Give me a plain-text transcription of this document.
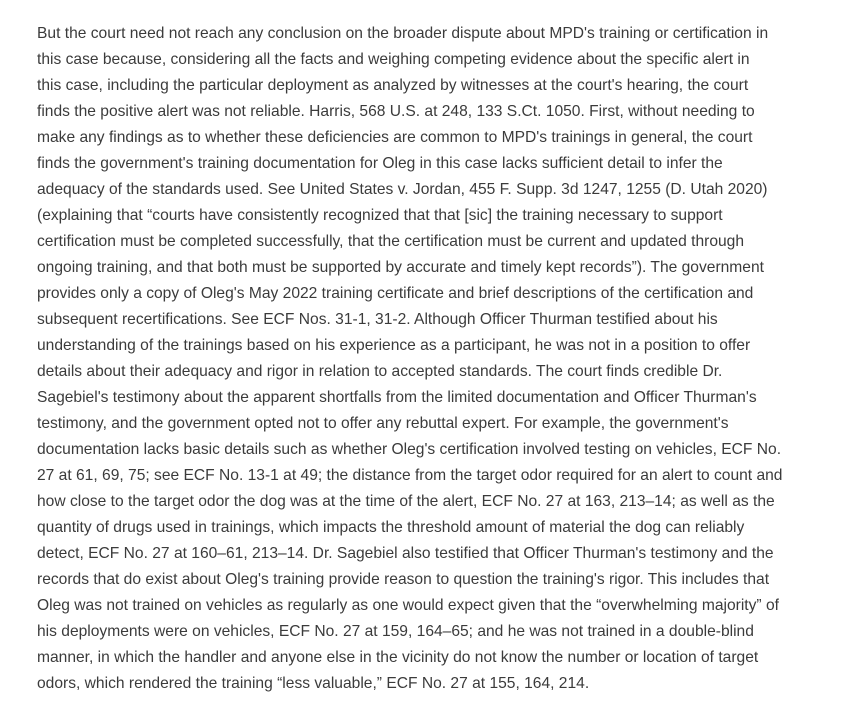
But the court need not reach any conclusion on the broader dispute about MPD's training or certification in
this case because, considering all the facts and weighing competing evidence about the specific alert in
this case, including the particular deployment as analyzed by witnesses at the court's hearing, the court
finds the positive alert was not reliable. Harris, 568 U.S. at 248, 133 S.Ct. 1050. First, without needing to
make any findings as to whether these deficiencies are common to MPD's trainings in general, the court
finds the government's training documentation for Oleg in this case lacks sufficient detail to infer the
adequacy of the standards used. See United States v. Jordan, 455 F. Supp. 3d 1247, 1255 (D. Utah 2020)
(explaining that “courts have consistently recognized that that [sic] the training necessary to support
certification must be completed successfully, that the certification must be current and updated through
ongoing training, and that both must be supported by accurate and timely kept records”). The government
provides only a copy of Oleg's May 2022 training certificate and brief descriptions of the certification and
subsequent recertifications. See ECF Nos. 31-1, 31-2. Although Officer Thurman testified about his
understanding of the trainings based on his experience as a participant, he was not in a position to offer
details about their adequacy and rigor in relation to accepted standards. The court finds credible Dr.
Sagebiel's testimony about the apparent shortfalls from the limited documentation and Officer Thurman's
testimony, and the government opted not to offer any rebuttal expert. For example, the government's
documentation lacks basic details such as whether Oleg's certification involved testing on vehicles, ECF No.
27 at 61, 69, 75; see ECF No. 13-1 at 49; the distance from the target odor required for an alert to count and
how close to the target odor the dog was at the time of the alert, ECF No. 27 at 163, 213–14; as well as the
quantity of drugs used in trainings, which impacts the threshold amount of material the dog can reliably
detect, ECF No. 27 at 160–61, 213–14. Dr. Sagebiel also testified that Officer Thurman's testimony and the
records that do exist about Oleg's training provide reason to question the training's rigor. This includes that
Oleg was not trained on vehicles as regularly as one would expect given that the “overwhelming majority” of
his deployments were on vehicles, ECF No. 27 at 159, 164–65; and he was not trained in a double-blind
manner, in which the handler and anyone else in the vicinity do not know the number or location of target
odors, which rendered the training “less valuable,” ECF No. 27 at 155, 164, 214.
